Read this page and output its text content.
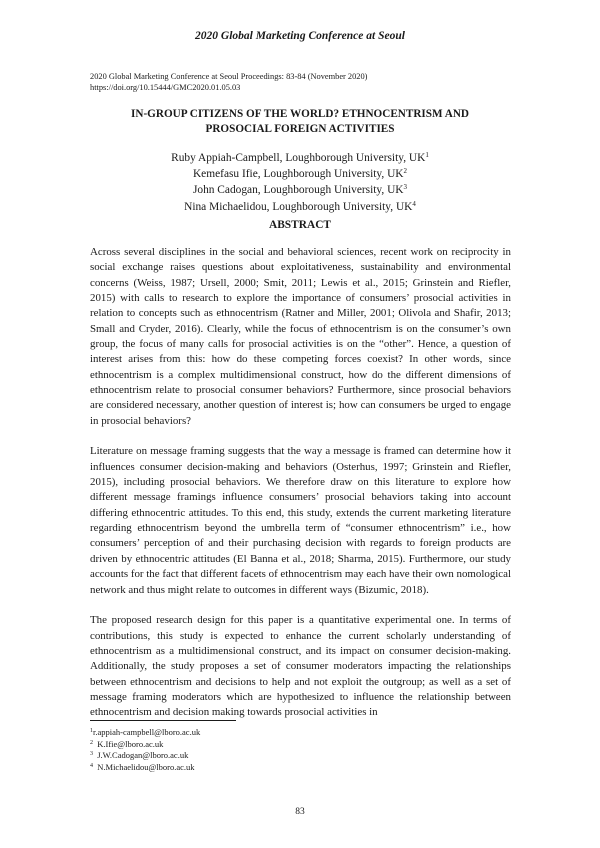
2020 Global Marketing Conference at Seoul
2020 Global Marketing Conference at Seoul Proceedings: 83-84 (November 2020)
https://doi.org/10.15444/GMC2020.01.05.03
IN-GROUP CITIZENS OF THE WORLD? ETHNOCENTRISM AND
PROSOCIAL FOREIGN ACTIVITIES
Ruby Appiah-Campbell, Loughborough University, $UK^1$
Kemefasu Ifie, Loughborough University, $UK^2$
John Cadogan, Loughborough University, $UK^3$
Nina Michaelidou, Loughborough University, $UK^4$
ABSTRACT

Across several disciplines in the social and behavioral sciences, recent work on reciprocity in social exchange raises questions about exploitativeness, sustainability and environmental concerns (Weiss, 1987; Ursell, 2000; Smit, 2011; Lewis et al., 2015; Grinstein and Riefler, 2015) with calls to research to explore the importance of consumers’ prosocial activities in relation to concepts such as ethnocentrism (Ratner and Miller, 2001; Olivola and Shafir, 2013; Small and Cryder, 2016). Clearly, while the focus of ethnocentrism is on the consumer’s own group, the focus of many calls for prosocial activities is on the “other”. Hence, a question of interest arises from this: how do these competing forces coexist? In other words, since ethnocentrism is a complex multidimensional construct, how do the different dimensions of ethnocentrism relate to prosocial consumer behaviors? Furthermore, since prosocial behaviors are considered necessary, another question of interest is; how can consumers be urged to engage in prosocial behaviors?

Literature on message framing suggests that the way a message is framed can determine how it influences consumer decision-making and behaviors (Osterhus, 1997; Grinstein and Riefler, 2015), including prosocial behaviors. We therefore draw on this literature to explore how different message framings influence consumers’ prosocial behaviors taking into account differing ethnocentric attitudes. To this end, this study, extends the current marketing literature regarding ethnocentrism beyond the umbrella term of “consumer ethnocentrism” i.e., how consumers’ perception of and their purchasing decision with regards to foreign products are driven by ethnocentric attitudes (El Banna et al., 2018; Sharma, 2015). Furthermore, our study accounts for the fact that different facets of ethnocentrism may each have their own nomological network and thus might relate to outcomes in different ways (Bizumic, 2018).

The proposed research design for this paper is a quantitative experimental one. In terms of contributions, this study is expected to enhance the current scholarly understanding of ethnocentrism as a multidimensional construct, and its impact on consumer decision-making. Additionally, the study proposes a set of consumer moderators impacting the relationships between ethnocentrism and decisions to help and not exploit the outgroup; as well as a set of message framing moderators which are hypothesized to influence the relationship between ethnocentrism and decision making towards prosocial activities in

$^1$r.appiah-campbell@lboro.ac.uk
$^2$ K.Ifie@lboro.ac.uk
$^3$ J.W.Cadogan@lboro.ac.uk
$^4$ N.Michaelidou@lboro.ac.uk
83
